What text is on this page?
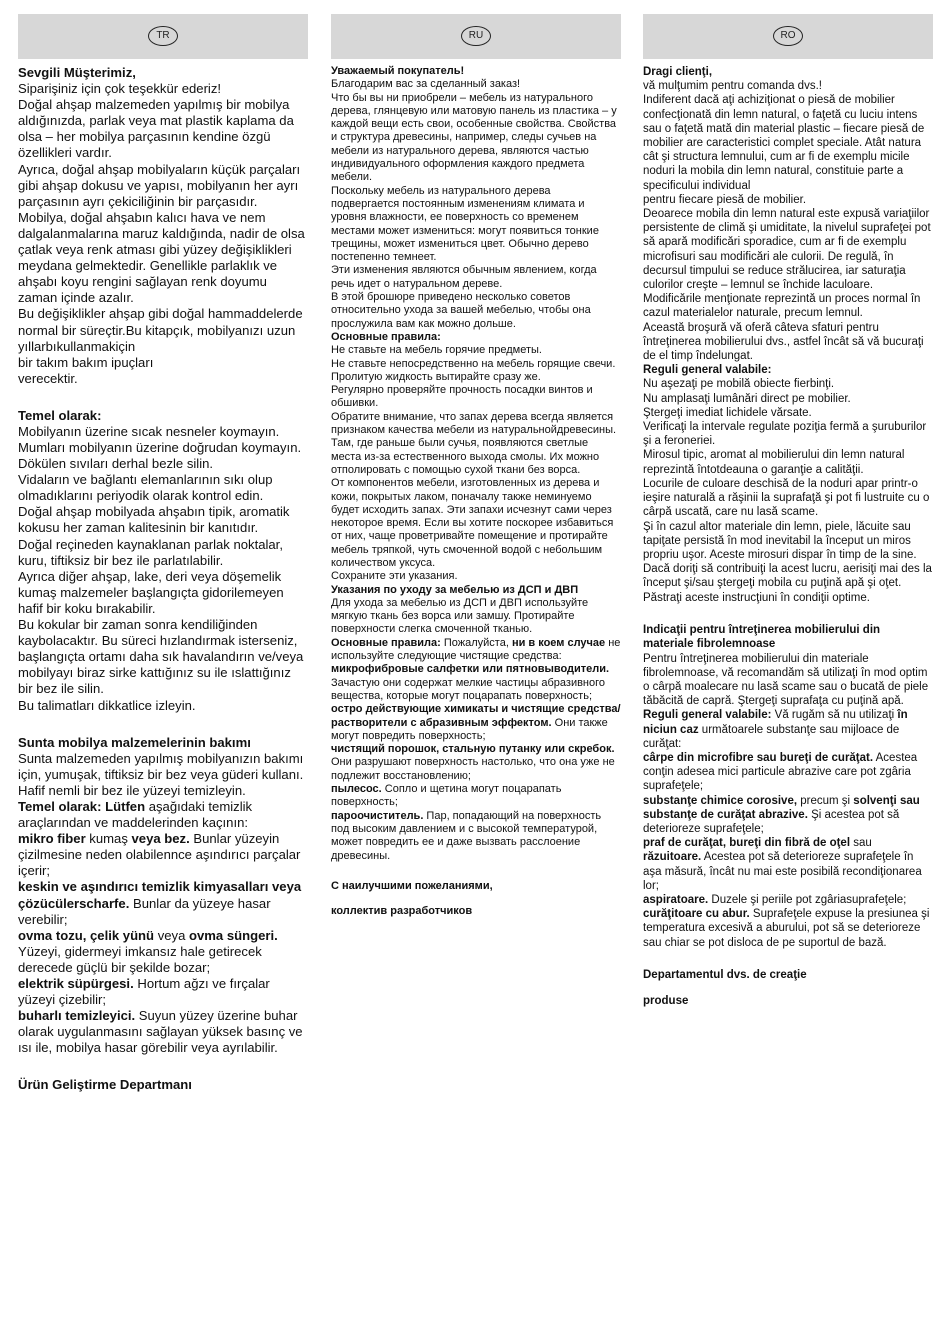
TR

Sevgili Müşterimiz,

Siparişiniz için çok teşekkür ederiz!
Doğal ahşap malzemeden yapılmış bir mobilya aldığınızda, parlak veya mat plastik kaplama da olsa – her mobilya parçasının kendine özgü özellikleri vardır.
Ayrıca, doğal ahşap mobilyaların küçük parçaları gibi ahşap dokusu ve yapısı, mobilyanın her ayrı parçasının ayrı çekiciliğinin bir parçasıdır.
Mobilya, doğal ahşabın kalıcı hava ve nem dalgalanmalarına maruz kaldığında, nadir de olsa çatlak veya renk atması gibi yüzey değişiklikleri meydana gelmektedir. Genellikle parlaklık ve ahşabı koyu rengini sağlayan renk doyumu zaman içinde azalır.
Bu değişiklikler ahşap gibi doğal hammaddelerde
normal bir süreçtir.Bu kitapçık, mobilyanızı uzun yıllarbıkullanmakiçin
bir takım bakım ipuçları
verecektir.

Temel olarak:

Mobilyanın üzerine sıcak nesneler koymayın.
Mumları mobilyanın üzerine doğrudan koymayın.
Dökülen sıvıları derhal bezle silin.
Vidaların ve bağlantı elemanlarının sıkı olup olmadıklarını periyodik olarak kontrol edin.
Doğal ahşap mobilyada ahşabın tipik, aromatik kokusu her zaman kalitesinin bir kanıtıdır.
Doğal reçineden kaynaklanan parlak noktalar, kuru, tiftiksiz bir bez ile parlatılabilir.
Ayrıca diğer ahşap, lake, deri veya döşemelik kumaş malzemeler başlangıçta gidorilemeyen hafif bir koku bırakabilir.
Bu kokular bir zaman sonra kendiliğinden kaybolacaktır. Bu süreci hızlandırmak isterseniz, başlangıçta ortamı daha sık havalandırın ve/veya mobilyayı biraz sirke kattığınız su ile ıslattığınız bir bez ile silin.
Bu talimatları dikkatlice izleyin.

Sunta mobilya malzemelerinin bakımı

Sunta malzemeden yapılmış mobilyanızın bakımı için, yumuşak, tiftiksiz bir bez veya güderi kullanı. Hafif nemli bir bez ile yüzeyi temizleyin.

Temel olarak: Lütfen aşağıdaki temizlik araçlarından ve maddelerinden kaçının:

mikro fiber kumaş veya bez. Bunlar yüzeyin çizilmesine neden olabilennce aşındırıcı parçalar içerir;

keskin ve aşındırıcı temizlik kimyasalları veya çözücülerscharfe. Bunlar da yüzeye hasar verebilir;

ovma tozu, çelik yünü veya ovma süngeri. Yüzeyi, gidermeyi imkansız hale getirecek derecede güçlü bir şekilde bozar;

elektrik süpürgesi. Hortum ağzı ve fırçalar yüzeyi çizebilir;

buharlı temizleyici. Suyun yüzey üzerine buhar olarak uygulanmasını sağlayan yüksek basınç ve ısı ile, mobilya hasar görebilir veya ayrılabilir.

Ürün Geliştirme Departmanı

RU

Уважаемый покупатель!

Благодарим вас за сделанный заказ!
Что бы вы ни приобрели – мебель из натурального дерева, глянцевую или матовую панель из пластика – у каждой вещи есть свои, особенные свойства. Свойства и структура древесины, например, следы сучьев на мебели из натурального дерева, являются частью индивидуального оформления каждого предмета мебели.
Поскольку мебель из натурального дерева подвергается постоянным изменениям климата и уровня влажности, ее поверхность со временем местами может измениться: могут появиться тонкие трещины, может измениться цвет. Обычно дерево постепенно темнеет.
Эти изменения являются обычным явлением, когда речь идет о натуральном дереве.
В этой брошюре приведено несколько советов относительно ухода за вашей мебелью, чтобы она прослужила вам как можно дольше.

Основные правила:

Не ставьте на мебель горячие предметы.
Не ставьте непосредственно на мебель горящие свечи.
Пролитую жидкость вытирайте сразу же.
Регулярно проверяйте прочность посадки винтов и обшивки.
Обратите внимание, что запах дерева всегда является признаком качества мебели из натуральнойдревесины. Там, где раньше были сучья, появляются светлые места из-за естественного выхода смолы. Их можно отполировать с помощью сухой ткани без ворса.
От компонентов мебели, изготовленных из дерева и кожи, покрытых лаком, поначалу также неминуемо будет исходить запах. Эти запахи исчезнут сами через некоторое время. Если вы хотите поскорее избавиться от них, чаще проветривайте помещение и протирайте мебель тряпкой, чуть смоченной водой с небольшим количеством уксуса.
Сохраните эти указания.

Указания по уходу за мебелью из ДСП и ДВП

Для ухода за мебелью из ДСП и ДВП используйте мягкую ткань без ворса или замшу. Протирайте поверхности слегка смоченной тканью.

Основные правила: Пожалуйста, ни в коем случае не используйте следующие чистящие средства:

микрофибровые салфетки или пятновыводители. Зачастую они содержат мелкие частицы абразивного вещества, которые могут поцарапать поверхность;

остро действующие химикаты и чистящие средства/растворители с абразивным эффектом. Они также могут повредить поверхность;

чистящий порошок, стальную путанку или скребок. Они разрушают поверхность настолько, что она уже не подлежит восстановлению;

пылесос. Сопло и щетина могут поцарапать поверхность;

пароочиститель. Пар, попадающий на поверхность под высоким давлением и с высокой температурой, может повредить ее и даже вызвать расслоение древесины.

С наилучшими пожеланиями,

коллектив разработчиков

RO

Dragi clienţi,

vă mulţumim pentru comanda dvs.!
Indiferent dacă aţi achiziţionat o piesă de mobilier confecţionată din lemn natural, o faţetă cu luciu intens sau o faţetă mată din material plastic – fiecare piesă de mobilier are caracteristici complet speciale. Atât natura cât şi structura lemnului, cum ar fi de exemplu micile noduri la mobila din lemn natural, constituie parte a specificului individual
pentru fiecare piesă de mobilier.
Deoarece mobila din lemn natural este expusă variaţiilor persistente de climă şi umiditate, la nivelul suprafeţei pot să apară modificări sporadice, cum ar fi de exemplu microfisuri sau modificări ale culorii. De regulă, în decursul timpului se reduce strălucirea, iar saturaţia culorilor creşte – lemnul se închide laculoare.
Modificările menţionate reprezintă un proces normal în cazul materialelor naturale, precum lemnul.
Această broşură vă oferă câteva sfaturi pentru întreţinerea mobilierului dvs., astfel încât să vă bucuraţi de el timp îndelungat.

Reguli general valabile:

Nu aşezaţi pe mobilă obiecte fierbinţi.
Nu amplasaţi lumânări direct pe mobilier.
Ştergeţi imediat lichidele vărsate.
Verificaţi la intervale regulate poziţia fermă a şuruburilor şi a feroneriei.
Mirosul tipic, aromat al mobilierului din lemn natural reprezintă întotdeauna o garanţie a calităţii.
Locurile de culoare deschisă de la noduri apar printr-o ieşire naturală a răşinii la suprafaţă şi pot fi lustruite cu o cârpă uscată, care nu lasă scame.
Şi în cazul altor materiale din lemn, piele, lăcuite sau tapiţate persistă în mod inevitabil la început un miros propriu uşor. Aceste mirosuri dispar în timp de la sine. Dacă doriţi să contribuiţi la acest lucru, aerisiţi mai des la început şi/sau ştergeţi mobila cu puţină apă şi oţet.
Păstraţi aceste instrucţiuni în condiţii optime.

Indicaţii pentru întreţinerea mobilierului din materiale fibrolemnoase

Pentru întreţinerea mobilierului din materiale fibrolemnoase, vă recomandăm să utilizaţi în mod optim o cârpă moalecare nu lasă scame sau o bucată de piele tăbăcită de capră. Ştergeţi suprafaţa cu puţină apă.

Reguli general valabile: Vă rugăm să nu utilizaţi în niciun caz următoarele substanţe sau mijloace de curăţat:

cârpe din microfibre sau bureţi de curăţat. Acestea conţin adesea mici particule abrazive care pot zgâria suprafeţele;

substanţe chimice corosive, precum şi solvenţi sau substanţe de curăţat abrazive. Şi acestea pot să deterioreze suprafeţele;

praf de curăţat, bureţi din fibră de oţel sau răzuitoare. Acestea pot să deterioreze suprafeţele în aşa măsură, încât nu mai este posibilă recondiţionarea lor;

aspiratoare. Duzele şi periile pot zgâriasuprafeţele;

curăţitoare cu abur. Suprafeţele expuse la presiunea şi temperatura excesivă a aburului, pot să se deterioreze sau chiar se pot disloca de pe suportul de bază.

Departamentul dvs. de creaţie

produse
